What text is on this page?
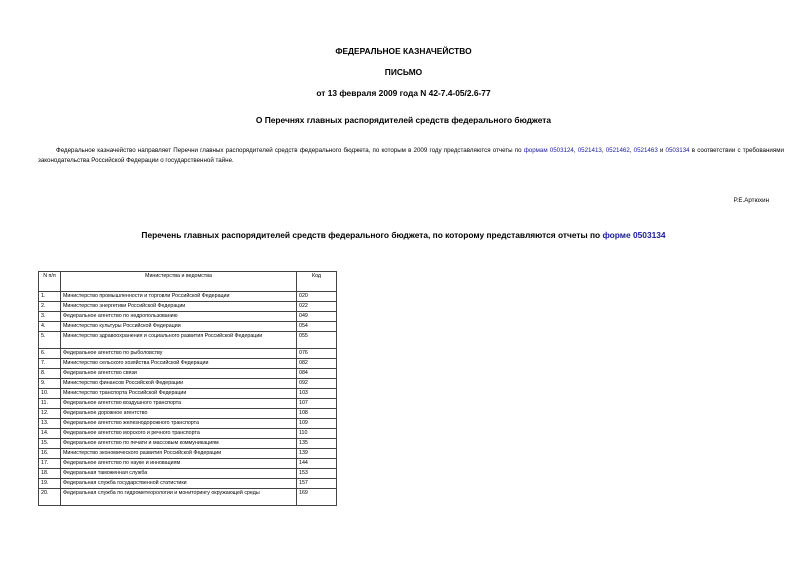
ФЕДЕРАЛЬНОЕ КАЗНАЧЕЙСТВО
ПИСЬМО
от 13 февраля 2009 года N 42-7.4-05/2.6-77
О Перечнях главных распорядителей средств федерального бюджета
Федеральное казначейство направляет Перечни главных распорядителей средств федерального бюджета, по которым в 2009 году представляются отчеты по формам 0503124, 0521413, 0521462, 0521463 и 0503134 в соответствии с требованиями законодательства Российской Федерации о государственной тайне.
Р.Е.Артюхин
Перечень главных распорядителей средств федерального бюджета, по которому представляются отчеты по форме 0503134
N п/п	Министерства и ведомства	Код
1.	Министерство промышленности и торговли Российской Федерации	020
2.	Министерство энергетики Российской Федерации	022
3.	Федеральное агентство по недропользованию	049
4.	Министерство культуры Российской Федерации	054
5.	Министерство здравоохранения и социального развития Российской Федерации	055
6.	Федеральное агентство по рыболовству	076
7.	Министерство сельского хозяйства Российской Федерации	082
8.	Федеральное агентство связи	084
9.	Министерство финансов Российской Федерации	092
10.	Министерство транспорта Российской Федерации	103
11.	Федеральное агентство воздушного транспорта	107
12.	Федеральное дорожное агентство	108
13.	Федеральное агентство железнодорожного транспорта	109
14.	Федеральное агентство морского и речного транспорта	110
15.	Федеральное агентство по печати и массовым коммуникациям	135
16.	Министерство экономического развития Российской Федерации	139
17.	Федеральное агентство по науке и инновациям	144
18.	Федеральная таможенная служба	153
19.	Федеральная служба государственной статистики	157
20.	Федеральная служба по гидрометеорологии и мониторингу окружающей среды	169
